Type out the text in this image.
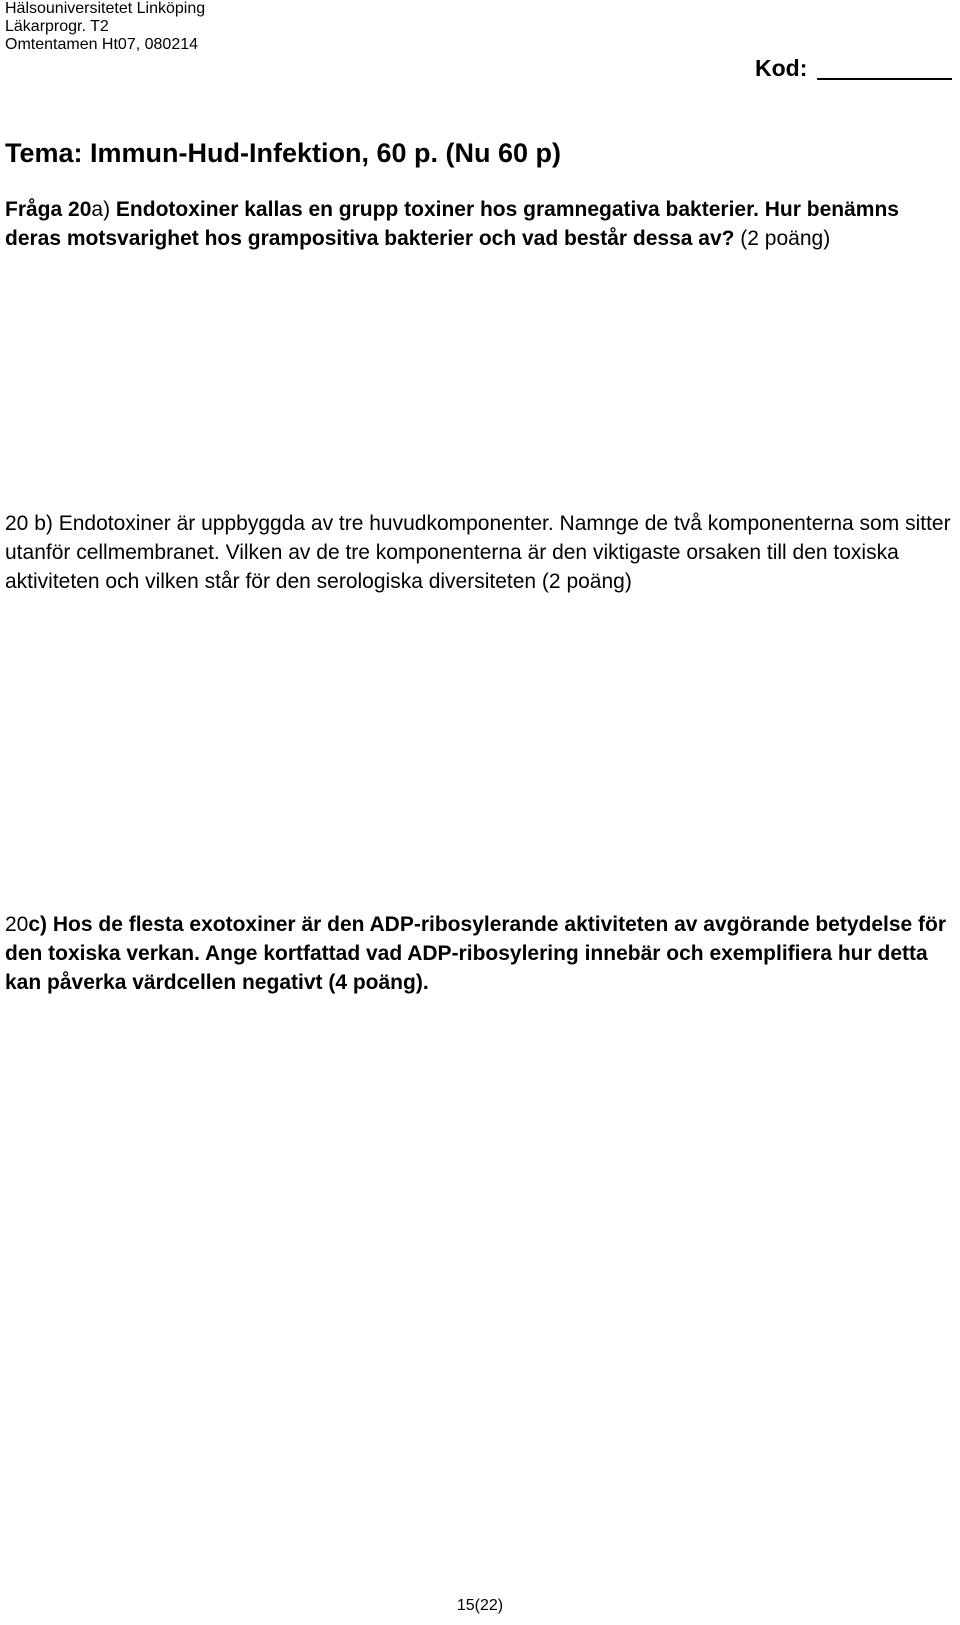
Hälsouniversitetet Linköping
Läkarprogr. T2
Omtentamen Ht07, 080214
Kod:
Tema: Immun-Hud-Infektion, 60 p. (Nu 60 p)

Fråga 20a) Endotoxiner kallas en grupp toxiner hos gramnegativa bakterier. Hur benämns deras motsvarighet hos grampositiva bakterier och vad består dessa av? (2 poäng)

20 b) Endotoxiner är uppbyggda av tre huvudkomponenter. Namnge de två komponenterna som sitter utanför cellmembranet. Vilken av de tre komponenterna är den viktigaste orsaken till den toxiska aktiviteten och vilken står för den serologiska diversiteten (2 poäng)

20c) Hos de flesta exotoxiner är den ADP-ribosylerande aktiviteten av avgörande betydelse för den toxiska verkan. Ange kortfattad vad ADP-ribosylering innebär och exemplifiera hur detta kan påverka värdcellen negativt (4 poäng).

15(22)
